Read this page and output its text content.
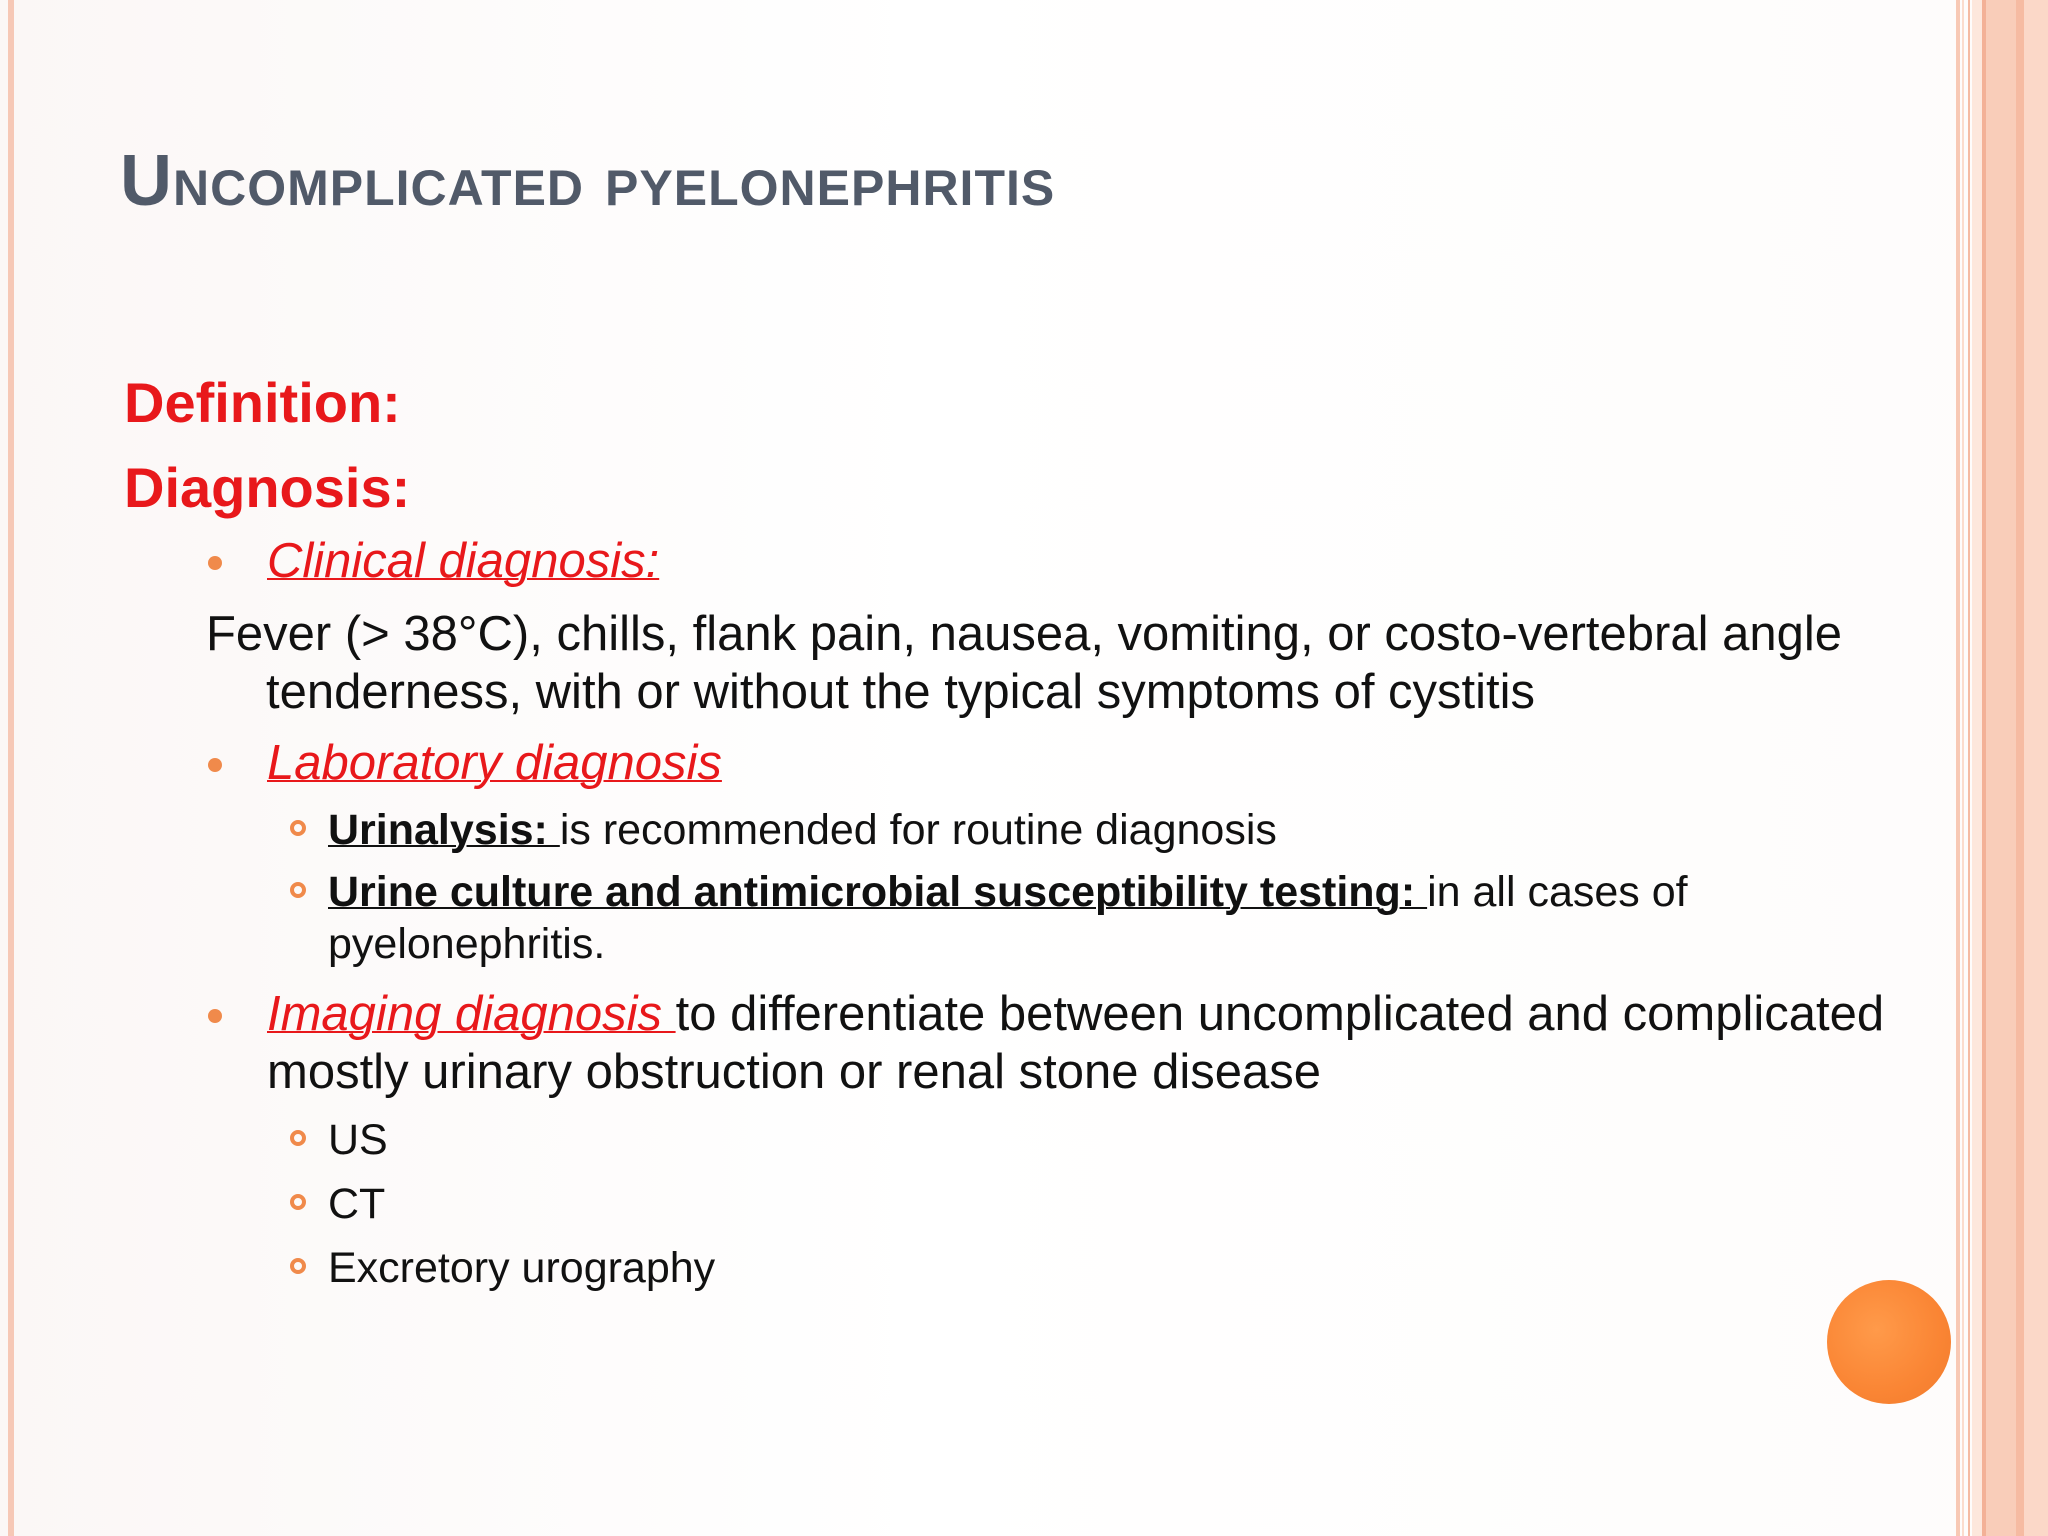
Uncomplicated pyelonephritis
Definition:
Diagnosis:
Clinical diagnosis:
Fever (> 38°C), chills, flank pain, nausea, vomiting, or costo-vertebral angle tenderness, with or without the typical symptoms of cystitis
Laboratory diagnosis
Urinalysis: is recommended for routine diagnosis
Urine culture and antimicrobial susceptibility testing: in all cases of pyelonephritis.
Imaging diagnosis to differentiate between uncomplicated and complicated mostly urinary obstruction or renal stone disease
US
CT
Excretory urography
